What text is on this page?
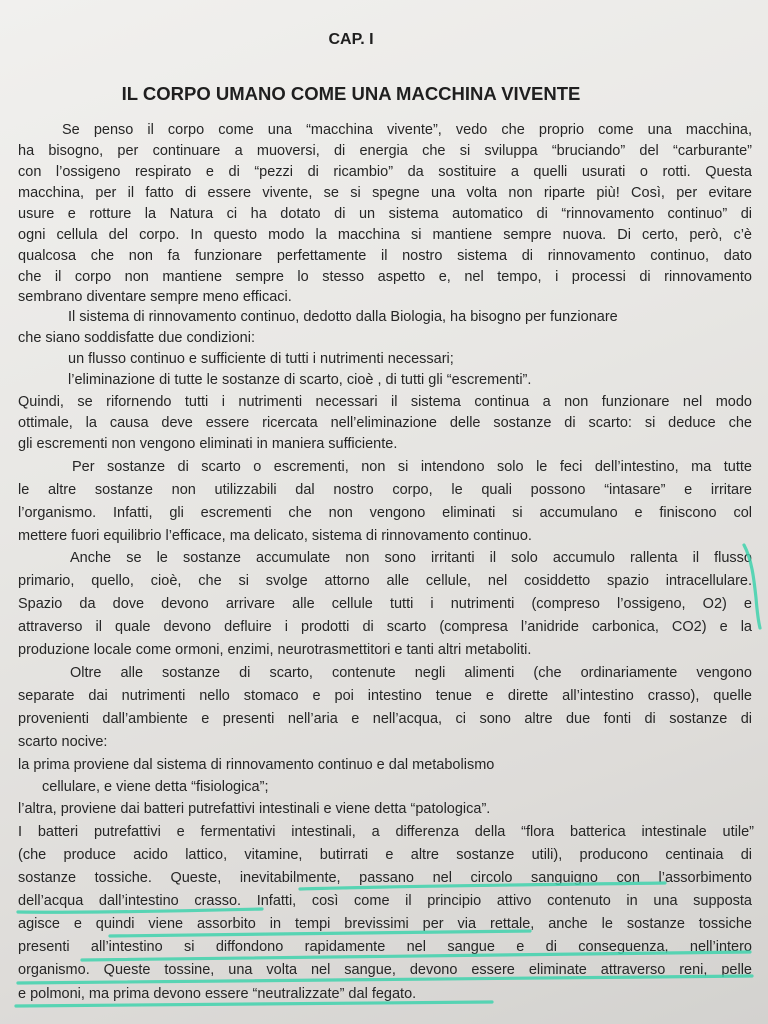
CAP. I
IL CORPO UMANO COME UNA MACCHINA VIVENTE
Se penso il corpo come una “macchina vivente”, vedo che proprio come una macchina,
ha bisogno, per continuare a muoversi, di energia che si sviluppa “bruciando” del “carburante”
con l’ossigeno respirato e di “pezzi di ricambio” da sostituire a quelli usurati o rotti. Questa
macchina, per il fatto di essere vivente, se si spegne una volta non riparte più! Così, per evitare
usure e rotture la Natura ci ha dotato di un sistema automatico di “rinnovamento continuo” di
ogni cellula del corpo. In questo modo la macchina si mantiene sempre nuova. Di certo, però, c’è
qualcosa che non fa funzionare perfettamente il nostro sistema di rinnovamento continuo, dato
che il corpo non mantiene sempre lo stesso aspetto e, nel tempo, i processi di rinnovamento
sembrano diventare sempre meno efficaci.
Il sistema di rinnovamento continuo, dedotto dalla Biologia, ha bisogno per funzionare
che siano soddisfatte due condizioni:
un flusso continuo e sufficiente di tutti i nutrimenti necessari;
l’eliminazione di tutte le sostanze di scarto, cioè , di tutti gli “escrementi”.
Quindi, se rifornendo tutti i nutrimenti necessari il sistema continua a non funzionare nel modo
ottimale, la causa deve essere ricercata nell’eliminazione delle sostanze di scarto: si deduce che
gli escrementi non vengono eliminati in maniera sufficiente.
Per sostanze di scarto o escrementi, non si intendono solo le feci dell’intestino, ma tutte
le altre sostanze non utilizzabili dal nostro corpo, le quali possono “intasare” e irritare
l’organismo. Infatti, gli escrementi che non vengono eliminati si accumulano e finiscono col
mettere fuori equilibrio l’efficace, ma delicato, sistema di rinnovamento continuo.
Anche se le sostanze accumulate non sono irritanti il solo accumulo rallenta il flusso
primario, quello, cioè, che si svolge attorno alle cellule, nel cosiddetto spazio intracellulare.
Spazio da dove devono arrivare alle cellule tutti i nutrimenti (compreso l’ossigeno, O2) e
attraverso il quale devono defluire i prodotti di scarto (compresa l’anidride carbonica, CO2) e la
produzione locale come ormoni, enzimi, neurotrasmettitori e tanti altri metaboliti.
Oltre alle sostanze di scarto, contenute negli alimenti (che ordinariamente vengono
separate dai nutrimenti nello stomaco e poi intestino tenue e dirette all’intestino crasso), quelle
provenienti dall’ambiente e presenti nell’aria e nell’acqua, ci sono altre due fonti di sostanze di
scarto nocive:
la prima proviene dal sistema di rinnovamento continuo e dal metabolismo
cellulare, e viene detta “fisiologica”;
l’altra, proviene dai batteri putrefattivi intestinali e viene detta “patologica”.
I batteri putrefattivi e fermentativi intestinali, a differenza della “flora batterica intestinale utile”
(che produce acido lattico, vitamine, butirrati e altre sostanze utili), producono centinaia di
sostanze tossiche. Queste, inevitabilmente, passano nel circolo sanguigno con l’assorbimento
dell’acqua dall’intestino crasso. Infatti, così come il principio attivo contenuto in una supposta
agisce e quindi viene assorbito in tempi brevissimi per via rettale, anche le sostanze tossiche
presenti all’intestino si diffondono rapidamente nel sangue e di conseguenza, nell’intero
organismo. Queste tossine, una volta nel sangue, devono essere eliminate attraverso reni, pelle
e polmoni, ma prima devono essere “neutralizzate” dal fegato.
